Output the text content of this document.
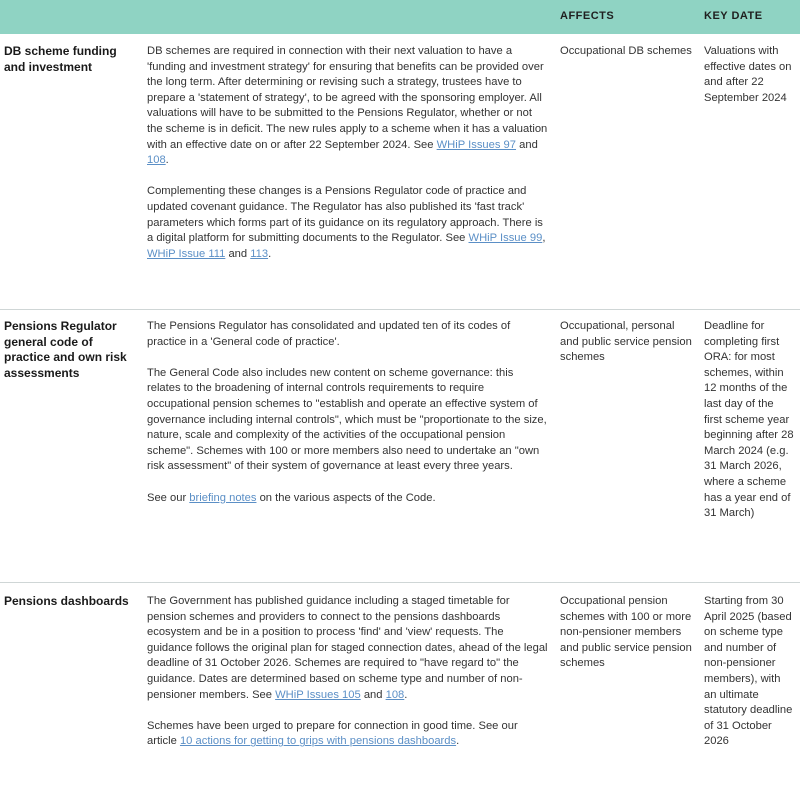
AFFECTS	KEY DATE
DB scheme funding and investment

DB schemes are required in connection with their next valuation to have a 'funding and investment strategy' for ensuring that benefits can be provided over the long term. After determining or revising such a strategy, trustees have to prepare a 'statement of strategy', to be agreed with the sponsoring employer. All valuations will have to be submitted to the Pensions Regulator, whether or not the scheme is in deficit. The new rules apply to a scheme when it has a valuation with an effective date on or after 22 September 2024. See WHiP Issues 97 and 108.

Complementing these changes is a Pensions Regulator code of practice and updated covenant guidance. The Regulator has also published its 'fast track' parameters which forms part of its guidance on its regulatory approach. There is a digital platform for submitting documents to the Regulator. See WHiP Issue 99, WHiP Issue 111 and 113.

Occupational DB schemes Valuations with effective dates on and after 22 September 2024
Pensions Regulator general code of practice and own risk assessments

The Pensions Regulator has consolidated and updated ten of its codes of practice in a 'General code of practice'.

The General Code also includes new content on scheme governance: this relates to the broadening of internal controls requirements to require occupational pension schemes to "establish and operate an effective system of governance including internal controls", which must be "proportionate to the size, nature, scale and complexity of the activities of the occupational pension scheme". Schemes with 100 or more members also need to undertake an "own risk assessment" of their system of governance at least every three years.

See our briefing notes on the various aspects of the Code.

Occupational, personal and public service pension schemes
Deadline for completing first ORA: for most schemes, within 12 months of the last day of the first scheme year beginning after 28 March 2024 (e.g. 31 March 2026, where a scheme has a year end of 31 March)
Pensions dashboards	The Government has published guidance including a staged timetable for pension schemes and providers to connect to the pensions dashboards ecosystem and be in a position to process 'find' and 'view' requests. The guidance follows the original plan for staged connection dates, ahead of the legal deadline of 31 October 2026. Schemes are required to "have regard to" the guidance. Dates are determined based on scheme type and number of non-pensioner members. See WHiP Issues 105 and 108.

Schemes have been urged to prepare for connection in good time. See our article 10 actions for getting to grips with pensions dashboards.

Occupational pension schemes with 100 or more non-pensioner members and public service pension schemes
Starting from 30 April 2025 (based on scheme type and number of non-pensioner members), with an ultimate statutory deadline of 31 October 2026
